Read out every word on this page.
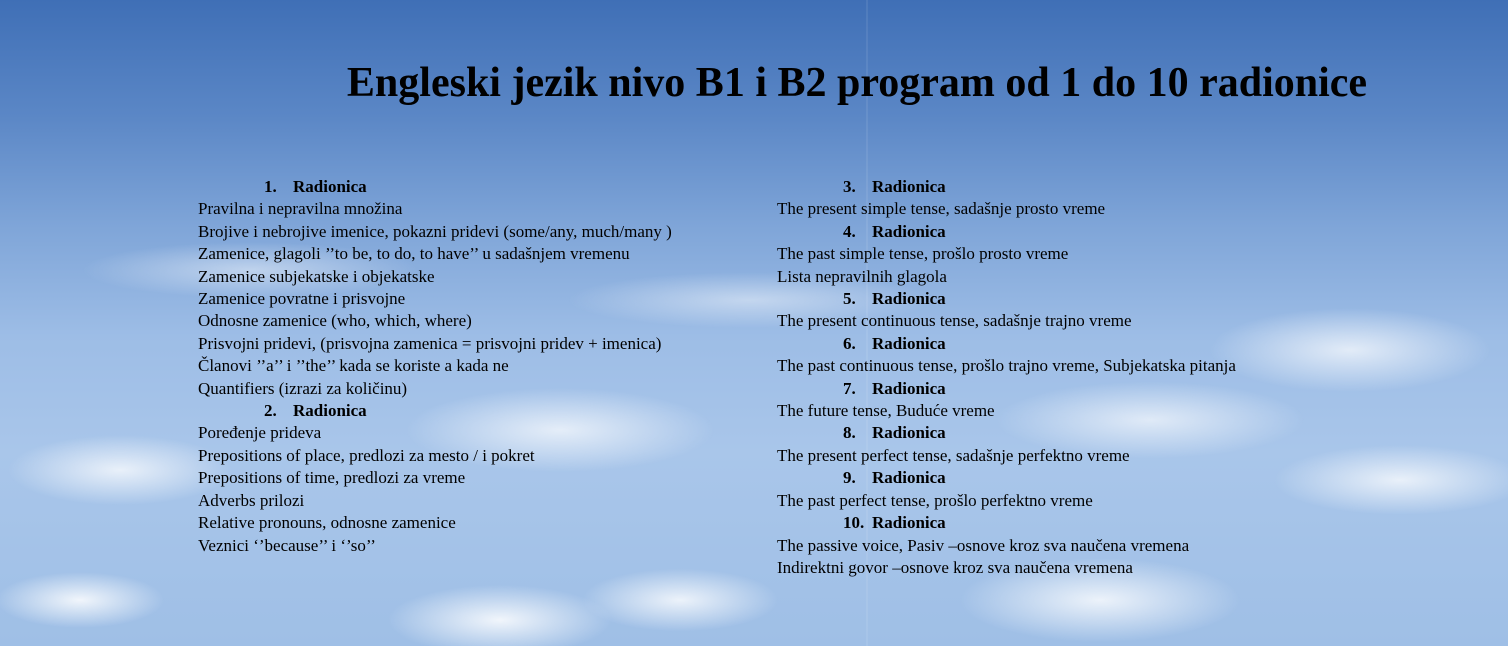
Engleski jezik nivo B1 i B2 program od 1 do 10 radionice
1. Radionica
Pravilna i nepravilna množina
Brojive i nebrojive imenice, pokazni pridevi (some/any, much/many )
Zamenice, glagoli ’’to be, to do, to have’’ u sadašnjem vremenu
Zamenice subjekatske i objekatske
Zamenice povratne i prisvojne
Odnosne zamenice (who, which, where)
Prisvojni pridevi, (prisvojna zamenica = prisvojni pridev + imenica)
Članovi ’’a’’ i ’’the’’ kada se koriste a kada ne
Quantifiers (izrazi za količinu)
2. Radionica
Poređenje prideva
Prepositions of place, predlozi za mesto / i pokret
Prepositions of time, predlozi za vreme
Adverbs prilozi
Relative pronouns, odnosne zamenice
Veznici ‘’because’’ i ‘’so’’
3. Radionica
The present simple tense, sadašnje prosto vreme
4. Radionica
The past simple tense, prošlo prosto vreme
Lista nepravilnih glagola
5. Radionica
The present continuous tense, sadašnje trajno vreme
6. Radionica
The past continuous tense, prošlo trajno vreme, Subjekatska pitanja
7. Radionica
The future tense, Buduće vreme
8. Radionica
The present perfect tense, sadašnje perfektno vreme
9. Radionica
The past perfect tense, prošlo perfektno vreme
10. Radionica
The passive voice, Pasiv –osnove kroz sva naučena vremena
Indirektni govor –osnove kroz sva naučena vremena
